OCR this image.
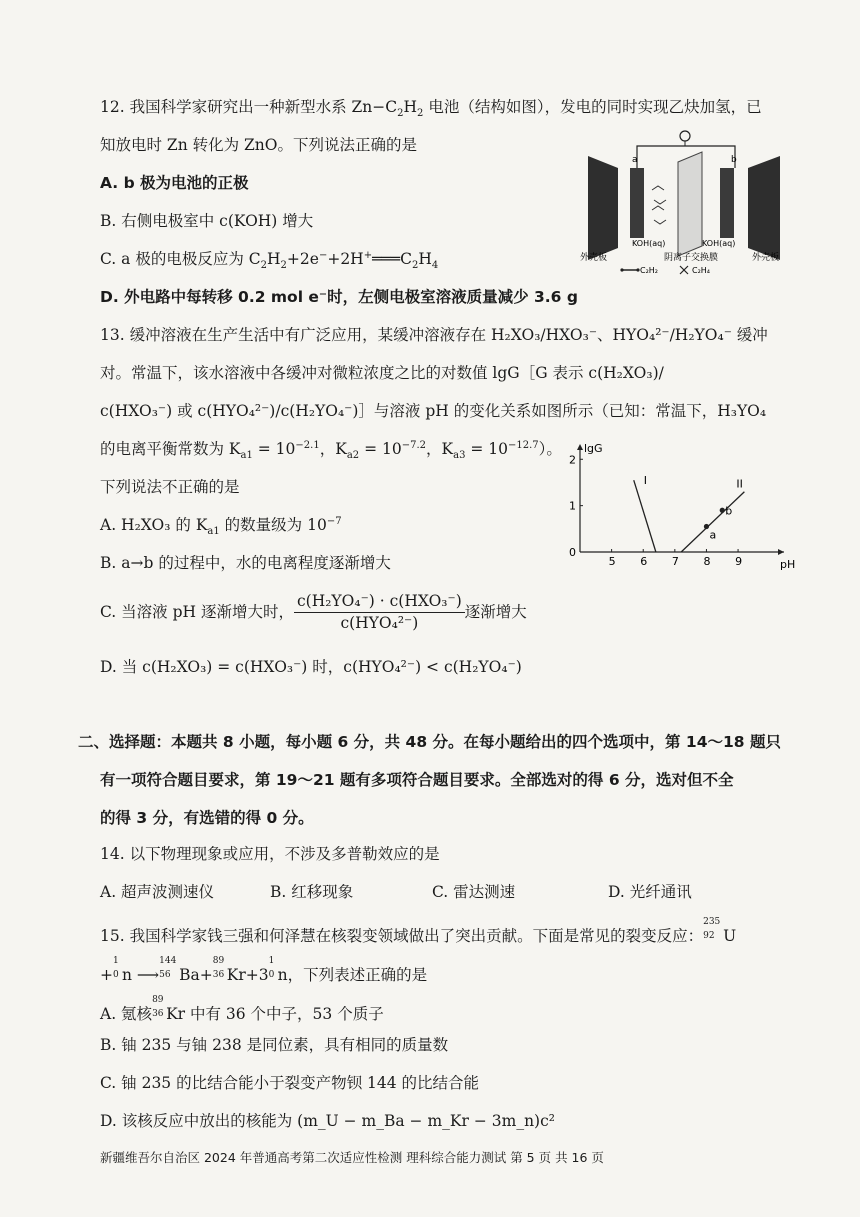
12. 我国科学家研究出一种新型水系 $Zn-C_2H_2$ 电池（结构如图），发电的同时实现乙炔加氢，已
知放电时 Zn 转化为 ZnO。下列说法正确的是
A. b 极为电池的正极
B. 右侧电极室中 c(KOH) 增大
C. a 极的电极反应为 $C_2H_2+2e^-+2H^+═══C_2H_4$
D. 外电路中每转移 0.2 mol e⁻时，左侧电极室溶液质量减少 3.6 g
a	b
KOH(aq)	KOH(aq)
外壳板	阴离子交换膜	外壳板
C₂H₂	C₂H₄
13. 缓冲溶液在生产生活中有广泛应用，某缓冲溶液存在 H₂XO₃/HXO₃⁻、HYO₄²⁻/H₂YO₄⁻ 缓冲
对。常温下，该水溶液中各缓冲对微粒浓度之比的对数值 lgG［G 表示 c(H₂XO₃)/
c(HXO₃⁻) 或 c(HYO₄²⁻)/c(H₂YO₄⁻)］与溶液 pH 的变化关系如图所示（已知：常温下，H₃YO₄
的电离平衡常数为 $K_{a1} = 10^{-2.1}$，$K_{a2} = 10^{-7.2}$，$K_{a3} = 10^{-12.7}$）。
下列说法不正确的是
A. H₂XO₃ 的 $K_{a1}$ 的数量级为 $10^{-7}$
B. a→b 的过程中，水的电离程度逐渐增大
C. 当溶液 pH 逐渐增大时， $\frac{\text{c(H₂YO₄⁻) · c(HXO₃⁻)}}{\text{c(HYO₄²⁻)}}$ 逐渐增大
D. 当 c(H₂XO₃) = c(HXO₃⁻) 时，c(HYO₄²⁻) < c(H₂YO₄⁻)
pH
lgG
5 6 7 8 9
0
1
2
I	II
a
b
二、选择题：本题共 8 小题，每小题 6 分，共 48 分。在每小题给出的四个选项中，第 14～18 题只
有一项符合题目要求，第 19～21 题有多项符合题目要求。全部选对的得 6 分，选对但不全
的得 3 分，有选错的得 0 分。
14. 以下物理现象或应用，不涉及多普勒效应的是
A. 超声波测速仪	B. 红移现象	C. 雷达测速	D. 光纤通讯
15. 我国科学家钱三强和何泽慧在核裂变领域做出了突出贡献。下面是常见的裂变反应：
235
92 U
+
1
0 n ⟶
144
56 Ba+
89
36 Kr+3
1
0 n，下列表述正确的是
A. 氪核
89
36 Kr 中有 36 个中子，53 个质子
B. 铀 235 与铀 238 是同位素，具有相同的质量数
C. 铀 235 的比结合能小于裂变产物钡 144 的比结合能
D. 该核反应中放出的核能为 (m_U − m_Ba − m_Kr − 3m_n)c²
新疆维吾尔自治区 2024 年普通高考第二次适应性检测 理科综合能力测试 第 5 页 共 16 页
